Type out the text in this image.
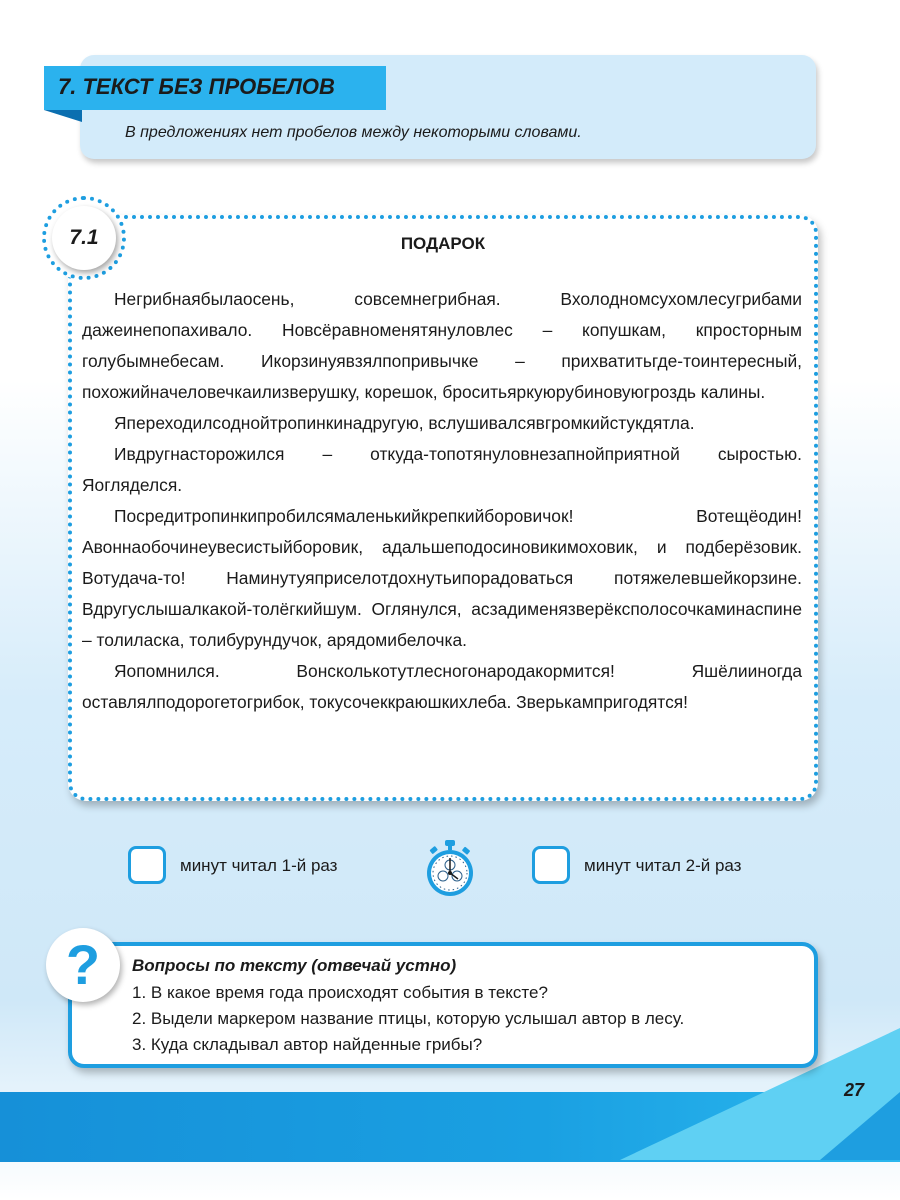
27
7. ТЕКСТ БЕЗ ПРОБЕЛОВ
В предложениях нет пробелов между некоторыми словами.
7.1	ПОДАРОК

Негрибнаябылаосень, совсемнегрибная. Вхолодномсухомлесугрибами дажеинепопахивало. Новсёравноменятянуловлес – копушкам, кпросторным голубымнебесам. Икорзинуявзялпопривычке – прихватитьгде-тоинтересный, похожийначеловечкаилизверушку, корешок, броситьяркуюрубиновуюгроздь калины.

Япереходилсоднойтропинкинадругую, вслушивалсявгромкийстукдятла.

Ивдругнасторожился – откуда-топотянуловнезапнойприятной сыростью. Яогляделся.

Посредитропинкипробилсямаленькийкрепкийборовичок! Вотещёодин! Авоннаобочинеувесистыйборовик, адальшеподосиновикимоховик, и подберёзовик. Вотудача-то! Наминутуяприселотдохнутьипорадоваться потяжелевшейкорзине. Вдругуслышалкакой-толёгкийшум. Оглянулся, асзадименязверёксполосочкаминаспине – толиласка, толибурундучок, арядомибелочка.

Яопомнился. Вонсколькотутлесногонародакормится! Яшёлииногда оставлялподорогетогрибок, токусочеккраюшкихлеба. Зверькампригодятся!

минут читал 1-й раз	минут читал 2-й раз
? Вопросы по тексту (отвечай устно)
1. В какое время года происходят события в тексте?
2. Выдели маркером название птицы, которую услышал автор в лесу.
3. Куда складывал автор найденные грибы?
